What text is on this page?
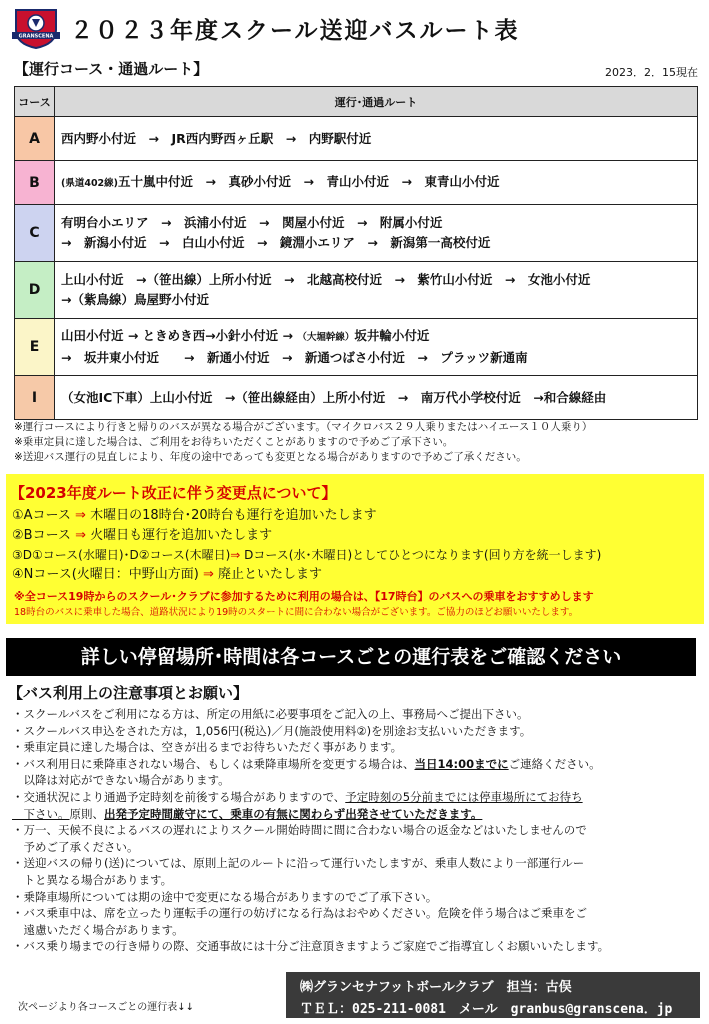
GRANSCENA ２０２３年度スクール送迎バスルート表
【運行コース・通過ルート】	2023．2．15現在
コース	運行･通過ルート
A	西内野小付近　→　JR西内野西ヶ丘駅　→　内野駅付近
B	(県道402線)五十嵐中付近　→　真砂小付近　→　青山小付近　→　東青山小付近
C	有明台小エリア　→　浜浦小付近　→　関屋小付近　→　附属小付近
→　新潟小付近　→　白山小付近　→　鏡淵小エリア　→　新潟第一高校付近

D	上山小付近　→（笹出線）上所小付近　→　北越高校付近　→　紫竹山小付近　→　女池小付近
→（紫鳥線）鳥屋野小付近

E	山田小付近 → ときめき西→小針小付近 → （大堀幹線）坂井輪小付近
→　坂井東小付近　　→　新通小付近　→　新通つばさ小付近　→　プラッツ新通南

I	（女池IC下車）上山小付近　→（笹出線経由）上所小付近　→　南万代小学校付近　→和合線経由
※運行コースにより行きと帰りのバスが異なる場合がございます。（マイクロバス２９人乗りまたはハイエース１０人乗り）
※乗車定員に達した場合は、ご利用をお待ちいただくことがありますので予めご了承下さい。
※送迎バス運行の見直しにより、年度の途中であっても変更となる場合がありますので予めご了承ください。
【2023年度ルート改正に伴う変更点について】
①Aコース ⇒ 木曜日の18時台･20時台も運行を追加いたします
②Bコース ⇒ 火曜日も運行を追加いたします
③D①コース(水曜日)･D②コース(木曜日)⇒ Dコース(水･木曜日)としてひとつになります(回り方を統一します)
④Nコース(火曜日：中野山方面) ⇒ 廃止といたします
※全コース19時からのスクール･クラブに参加するために利用の場合は、【17時台】のバスへの乗車をおすすめします
18時台のバスに乗車した場合、道路状況により19時のスタートに間に合わない場合がございます。ご協力のほどお願いいたします。
詳しい停留場所･時間は各コースごとの運行表をご確認ください
【バス利用上の注意事項とお願い】
・スクールバスをご利用になる方は、所定の用紙に必要事項をご記入の上、事務局へご提出下さい。
・スクールバス申込をされた方は，1,056円(税込)／月(施設使用料②)を別途お支払いいただきます。
・乗車定員に達した場合は、空きが出るまでお待ちいただく事があります。
・バス利用日に乗降車されない場合、もしくは乗降車場所を変更する場合は、当日14:00までにご連絡ください。
　以降は対応ができない場合があります。
・交通状況により通過予定時刻を前後する場合がありますので、予定時刻の5分前までには停車場所にてお待ち
　下さい。原則、出発予定時間厳守にて、乗車の有無に関わらず出発させていただきます。
・万一、天候不良によるバスの遅れによりスクール開始時間に間に合わない場合の返金などはいたしませんので
　予めご了承ください。
・送迎バスの帰り(送)については、原則上記のルートに沿って運行いたしますが、乗車人数により一部運行ルー
　トと異なる場合があります。
・乗降車場所については期の途中で変更になる場合がありますのでご了承下さい。
・バス乗車中は、席を立ったり運転手の運行の妨げになる行為はおやめください。危険を伴う場合はご乗車をご
　遠慮いただく場合があります。
・バス乗り場までの行き帰りの際、交通事故には十分ご注意頂きますようご家庭でご指導宜しくお願いいたします。
㈱グランセナフットボールクラブ　担当：古俣
ＴＥＬ：025-211-0081　メール　granbus@granscena．jp
次ページより各コースごとの運行表↓↓
